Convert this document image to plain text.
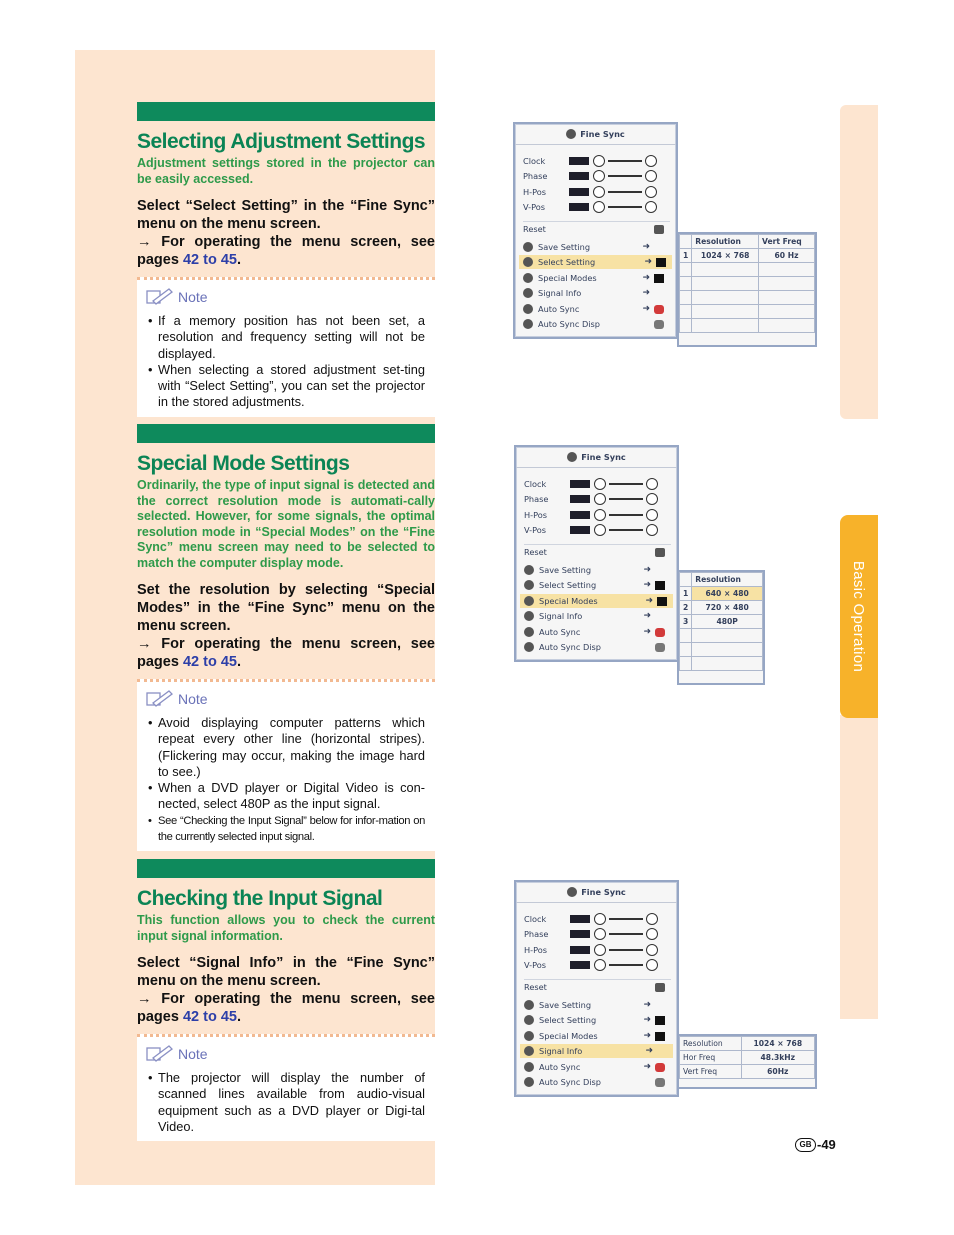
Selecting Adjustment Settings
Adjustment settings stored in the projector can be easily accessed.
Select “Select Setting” in the “Fine Sync” menu on the menu screen.
→ For operating the menu screen, see pages 42 to 45.
Note
• If a memory position has not been set, a resolution and frequency setting will not be displayed.
• When selecting a stored adjustment set-ting with “Select Setting”, you can set the projector in the stored adjustments.
Special Mode Settings
Ordinarily, the type of input signal is detected and the correct resolution mode is automati-cally selected. However, for some signals, the optimal resolution mode in “Special Modes” on the “Fine Sync” menu screen may need to be selected to match the computer display mode.
Set the resolution by selecting “Special Modes” in the “Fine Sync” menu on the menu screen.
→ For operating the menu screen, see pages 42 to 45.
Note
• Avoid displaying computer patterns which repeat every other line (horizontal stripes). (Flickering may occur, making the image hard to see.)
• When a DVD player or Digital Video is con-nected, select 480P as the input signal.
• See “Checking the Input Signal” below for infor-mation on the currently selected input signal.
Checking the Input Signal
This function allows you to check the current input signal information.
Select “Signal Info” in the “Fine Sync” menu on the menu screen.
→ For operating the menu screen, see pages 42 to 45.
Note
• The projector will display the number of scanned lines available from audio-visual equipment such as a DVD player or Digi-tal Video.
Fine Sync
Clock
Phase
H-Pos
V-Pos
Reset
Save Setting	➜
Select Setting	➜
Special Modes	➜
Signal Info	➜
Auto Sync	➜
Auto Sync Disp
	Resolution	Vert Freq
1	1024 × 768	60 Hz

Fine Sync
Clock
Phase
H-Pos
V-Pos
Reset
Save Setting	➜
Select Setting	➜
Special Modes	➜
Signal Info	➜
Auto Sync	➜
Auto Sync Disp
	Resolution
1	640 × 480
2	720 × 480
3	480P

Fine Sync
Clock
Phase
H-Pos
V-Pos
Reset
Save Setting	➜
Select Setting	➜
Special Modes	➜
Signal Info	➜
Auto Sync	➜
Auto Sync Disp
Resolution	1024 × 768
Hor Freq	48.3kHz
Vert Freq	60Hz
Basic Operation
GB -49
